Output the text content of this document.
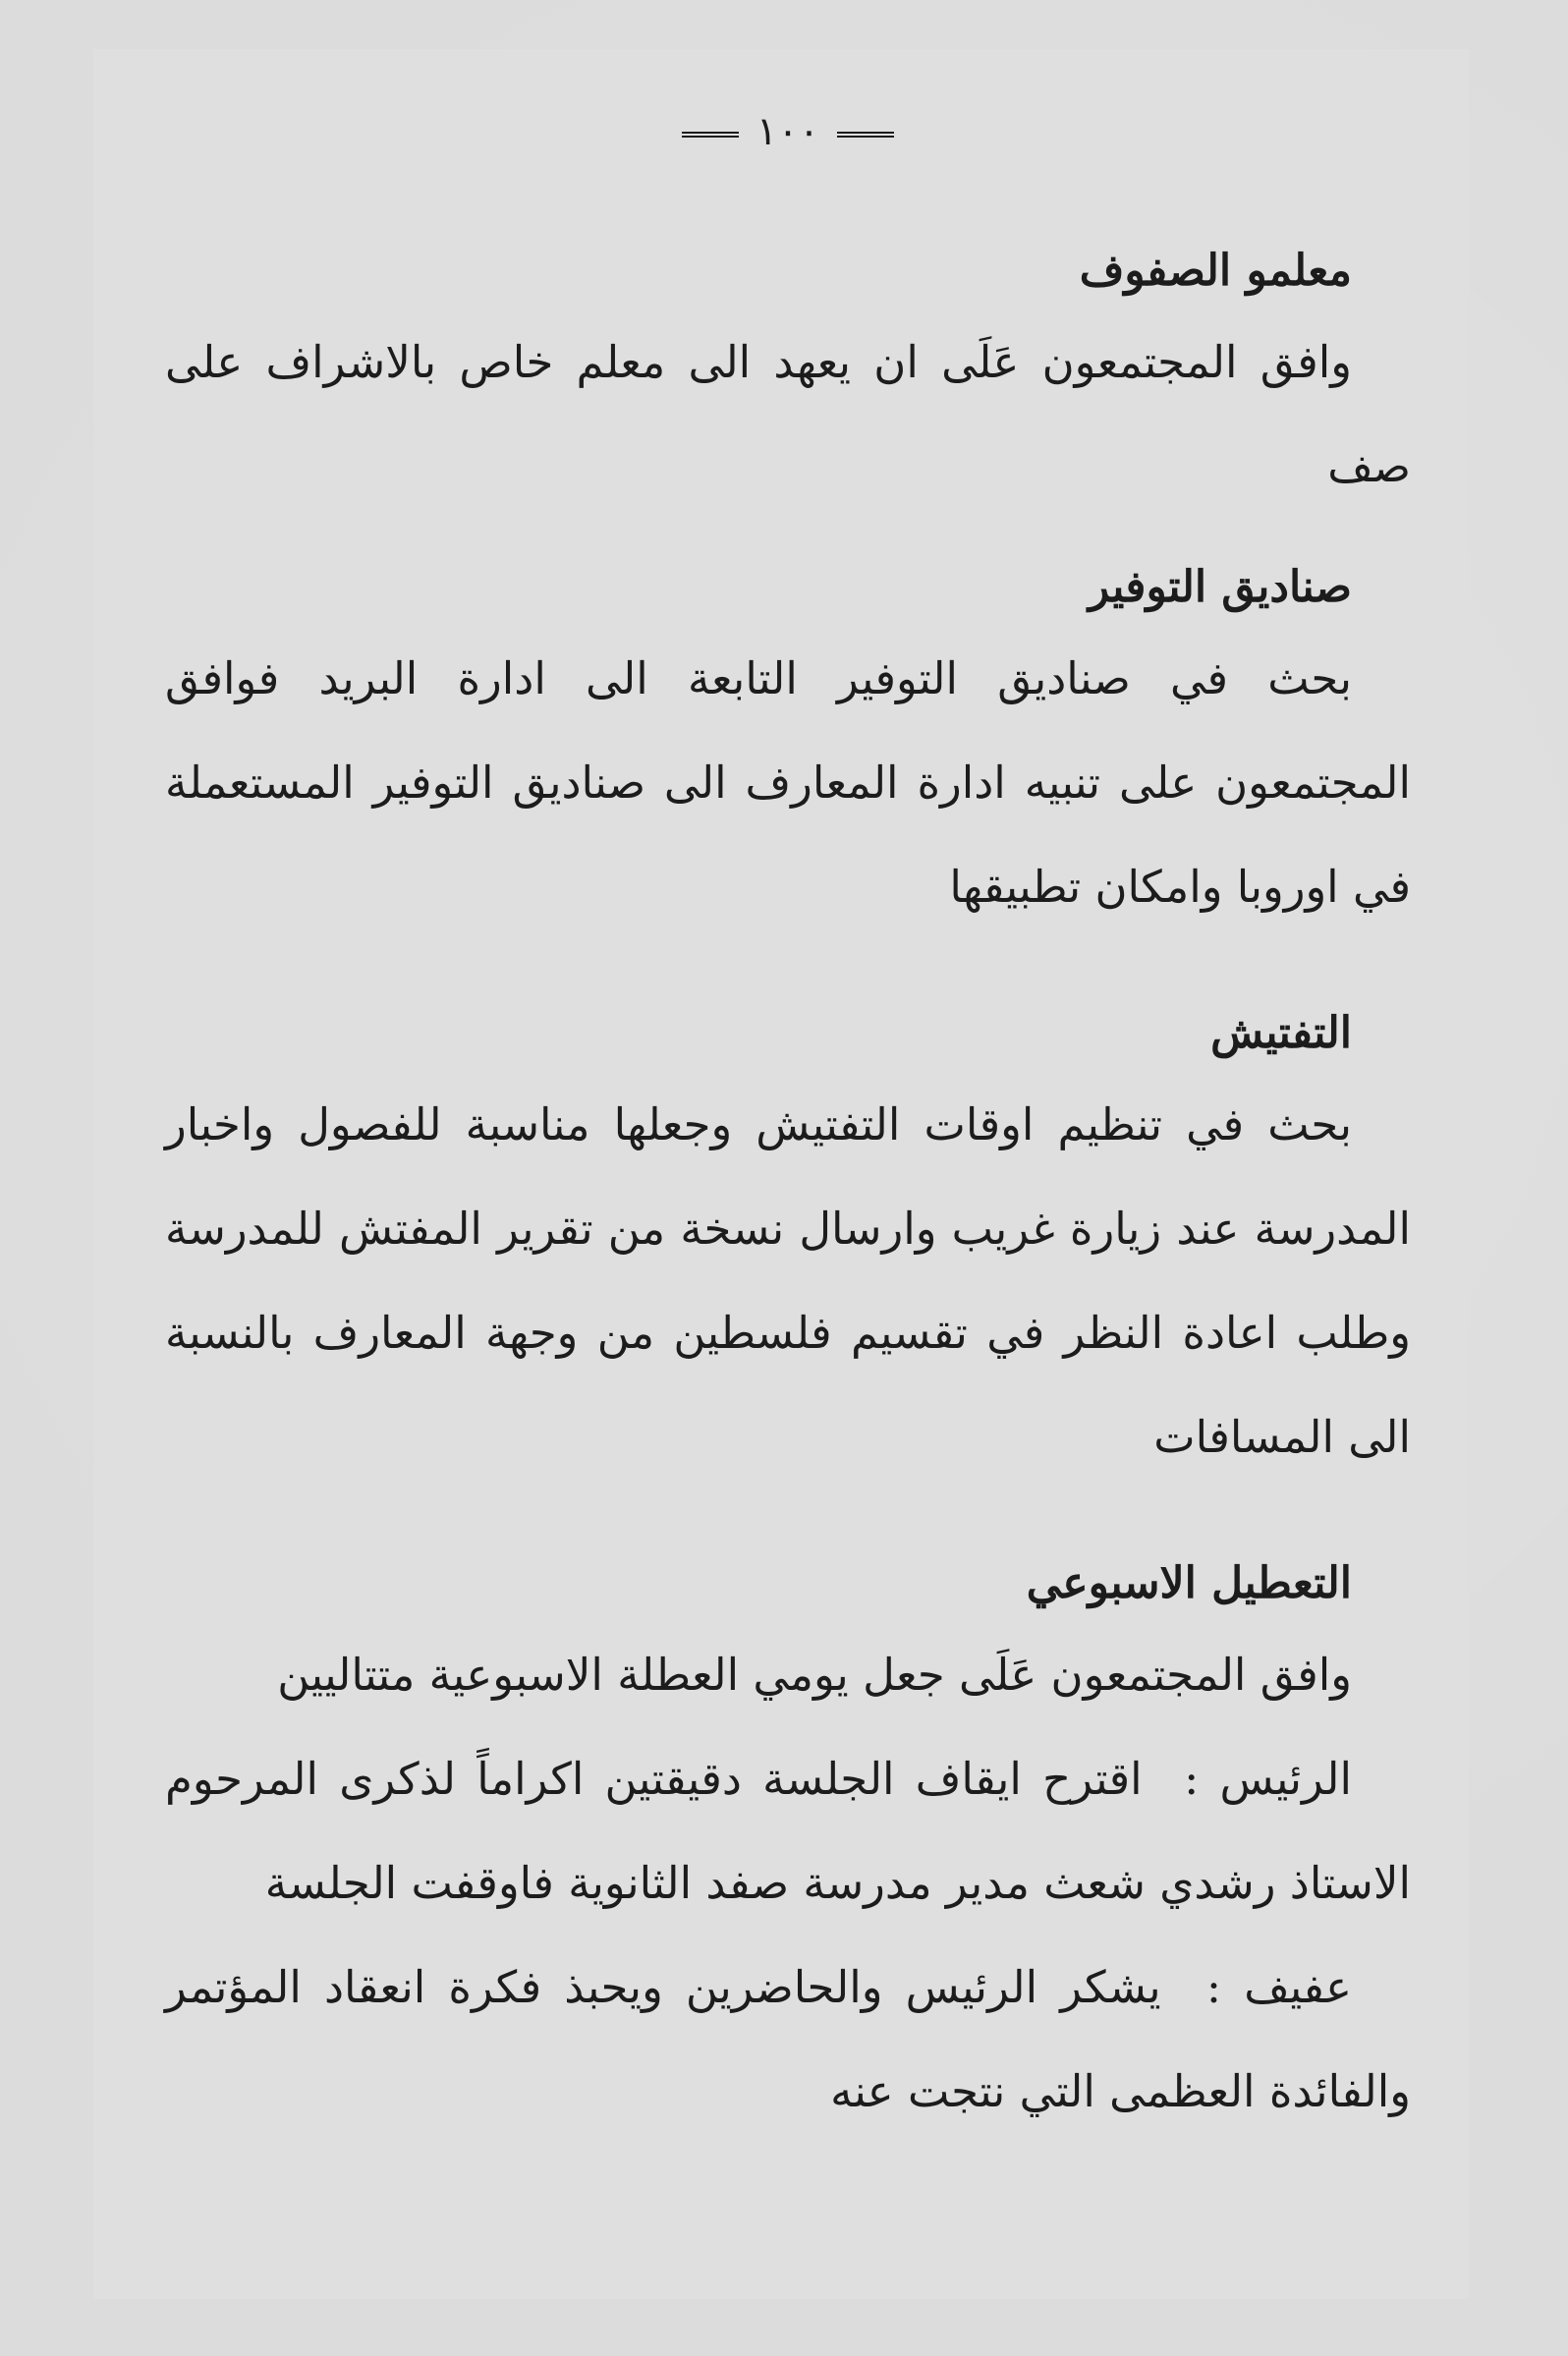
١٠٠
معلمو الصفوف

وافق المجتمعون عَلَى ان يعهد الى معلم خاص بالاشراف على صف

صناديق التوفير

بحث في صناديق التوفير التابعة الى ادارة البريد فوافق المجتمعون على تنبيه ادارة المعارف الى صناديق التوفير المستعملة في اوروبا وامكان تطبيقها

التفتيش

بحث في تنظيم اوقات التفتيش وجعلها مناسبة للفصول واخبار المدرسة عند زيارة غريب وارسال نسخة من تقرير المفتش للمدرسة وطلب اعادة النظر في تقسيم فلسطين من وجهة المعارف بالنسبة الى المسافات

التعطيل الاسبوعي

وافق المجتمعون عَلَى جعل يومي العطلة الاسبوعية متتاليين

الرئيس :  اقترح ايقاف الجلسة دقيقتين اكراماً لذكرى المرحوم الاستاذ رشدي شعث مدير مدرسة صفد الثانوية فاوقفت الجلسة

عفيف :  يشكر الرئيس والحاضرين ويحبذ فكرة انعقاد المؤتمر والفائدة العظمى التي نتجت عنه
